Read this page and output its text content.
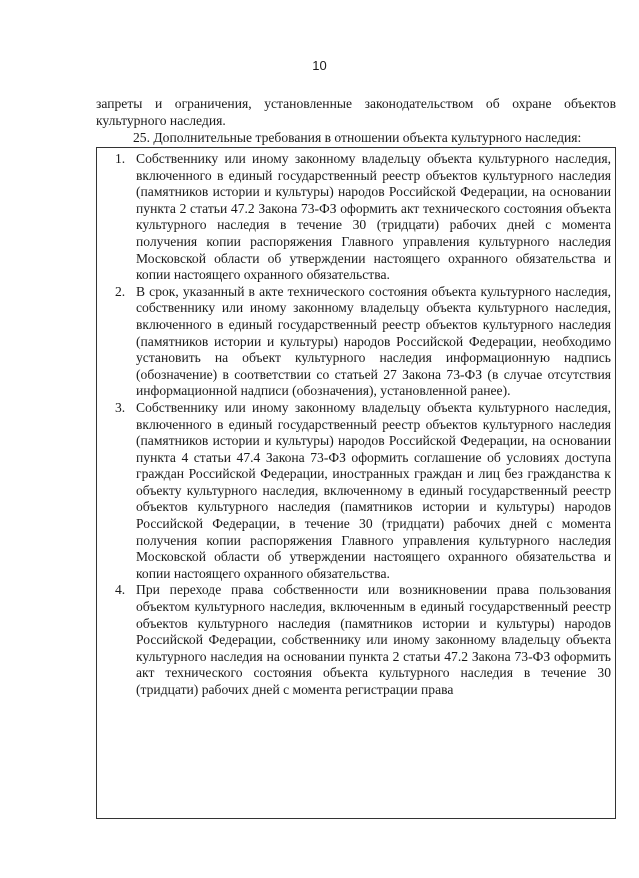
10
запреты и ограничения, установленные законодательством об охране объектов культурного наследия.
25. Дополнительные требования в отношении объекта культурного наследия:
1. Собственнику или иному законному владельцу объекта культурного наследия, включенного в единый государственный реестр объектов культурного наследия (памятников истории и культуры) народов Российской Федерации, на основании пункта 2 статьи 47.2 Закона 73-ФЗ оформить акт технического состояния объекта культурного наследия в течение 30 (тридцати) рабочих дней с момента получения копии распоряжения Главного управления культурного наследия Московской области об утверждении настоящего охранного обязательства и копии настоящего охранного обязательства.
2. В срок, указанный в акте технического состояния объекта культурного наследия, собственнику или иному законному владельцу объекта культурного наследия, включенного в единый государственный реестр объектов культурного наследия (памятников истории и культуры) народов Российской Федерации, необходимо установить на объект культурного наследия информационную надпись (обозначение) в соответствии со статьей 27 Закона 73-ФЗ (в случае отсутствия информационной надписи (обозначения), установленной ранее).
3. Собственнику или иному законному владельцу объекта культурного наследия, включенного в единый государственный реестр объектов культурного наследия (памятников истории и культуры) народов Российской Федерации, на основании пункта 4 статьи 47.4 Закона 73-ФЗ оформить соглашение об условиях доступа граждан Российской Федерации, иностранных граждан и лиц без гражданства к объекту культурного наследия, включенному в единый государственный реестр объектов культурного наследия (памятников истории и культуры) народов Российской Федерации, в течение 30 (тридцати) рабочих дней с момента получения копии распоряжения Главного управления культурного наследия Московской области об утверждении настоящего охранного обязательства и копии настоящего охранного обязательства.
4. При переходе права собственности или возникновении права пользования объектом культурного наследия, включенным в единый государственный реестр объектов культурного наследия (памятников истории и культуры) народов Российской Федерации, собственнику или иному законному владельцу объекта культурного наследия на основании пункта 2 статьи 47.2 Закона 73-ФЗ оформить акт технического состояния объекта культурного наследия в течение 30 (тридцати) рабочих дней с момента регистрации права
